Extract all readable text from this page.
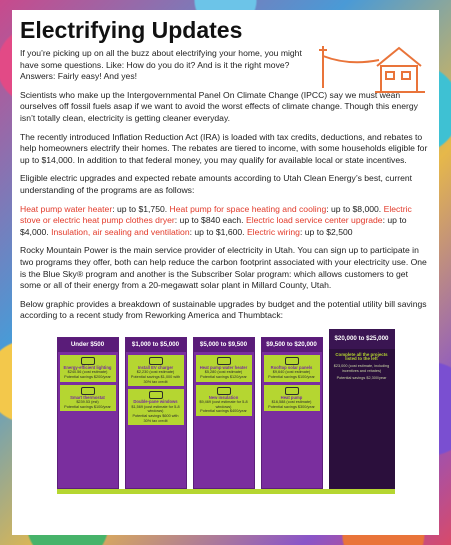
Electrifying Updates

If you’re picking up on all the buzz about electrifying your home, you might have some questions. Like: How do you do it? And is it the right move? Answers: Fairly easy! And yes!

Scientists who make up the Intergovernmental Panel On Climate Change (IPCC) say we must wean ourselves off fossil fuels asap if we want to avoid the worst effects of climate change. Though this energy isn’t totally clean, electricity is getting cleaner everyday.

The recently introduced Inflation Reduction Act (IRA) is loaded with tax credits, deductions, and rebates to help homeowners electrify their homes. The rebates are tiered to income, with some households eligible for up to $14,000. In addition to that federal money, you may qualify for available local or state incentives.

Eligible electric upgrades and expected rebate amounts according to Utah Clean Energy’s best, current understanding of the programs are as follows:

Heat pump water heater: up to $1,750. Heat pump for space heating and cooling: up to $8,000. Electric stove or electric heat pump clothes dryer: up to $840 each. Electric load service center upgrade: up to $4,000. Insulation, air sealing and ventilation: up to $1,600. Electric wiring: up to $2,500

Rocky Mountain Power is the main service provider of electricity in Utah. You can sign up to participate in two programs they offer, both can help reduce the carbon footprint associated with your electricity use. One is the Blue Sky® program and another is the Subscriber Solar program: which allows customers to get some or all of their energy from a 20-megawatt solar plant in Millard County, Utah.

Below graphic provides a breakdown of sustainable upgrades by budget and the potential utility bill savings according to a recent study from Reworking America and Thumbtack:

Under $500
Energy-efficient lighting
$240.56 (cost estimate)
Potential savings $200/year
Smart thermostat
$239.53 (est)
Potential savings $100/year
$1,000 to $5,000
Install EV charger
$2,230 (cost estimate)
Potential savings $1,000 with 30% tax credit
Double-pane windows
$1,569 (cost estimate for 5-8 windows)
Potential savings $600 with 30% tax credit
$5,000 to $9,500
Heat pump water heater
$5,280 (cost estimate)
Potential savings $120/year
New insulation
$9,469 (cost estimate for 5-8 windows)
Potential savings $400/year
$9,500 to $20,000
Rooftop solar panels
$9,640 (cost estimate)
Potential savings $100/year
Heat pump
$16,588 (cost estimate)
Potential savings $300/year
$20,000 to $25,000
Complete all the projects listed to the left
$23,000 (cost estimate, including incentives and rebates)
Potential savings $2,300/year
